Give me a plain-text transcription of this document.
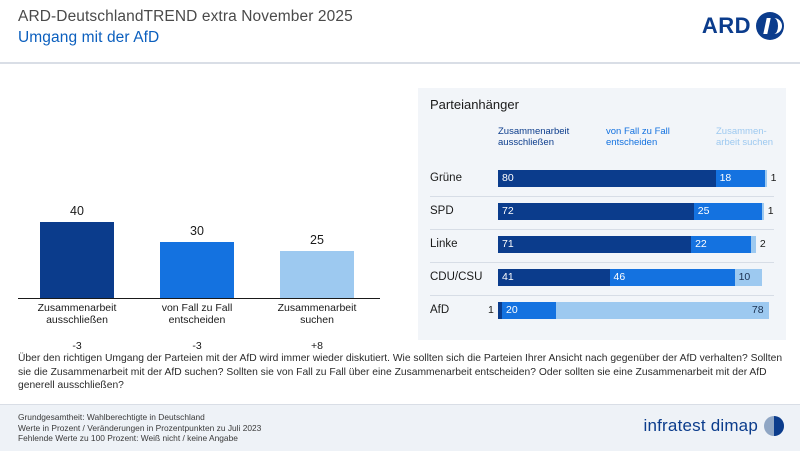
ARD-DeutschlandTREND extra November 2025
Umgang mit der AfD	ARD
40
Zusammenarbeit ausschließen
-3
30
von Fall zu Fall entscheiden
-3
25
Zusammenarbeit suchen
+8
Parteianhänger
Zusammenarbeit ausschließen
von Fall zu Fall entscheiden
Zusammen-arbeit suchen
Grüne	80	18	1
SPD	72	25	1
Linke	71	22	2
CDU/CSU	41	46	10
AfD	1	20	78
Über den richtigen Umgang der Parteien mit der AfD wird immer wieder diskutiert. Wie sollten sich die Parteien Ihrer Ansicht nach gegenüber der AfD verhalten? Sollten sie die Zusammenarbeit mit der AfD suchen? Sollten sie von Fall zu Fall über eine Zusammenarbeit entscheiden? Oder sollten sie eine Zusammenarbeit mit der AfD generell ausschließen?
Grundgesamtheit: Wahlberechtigte in Deutschland
Werte in Prozent / Veränderungen in Prozentpunkten zu Juli 2023
Fehlende Werte zu 100 Prozent: Weiß nicht / keine Angabe
infratest dimap
